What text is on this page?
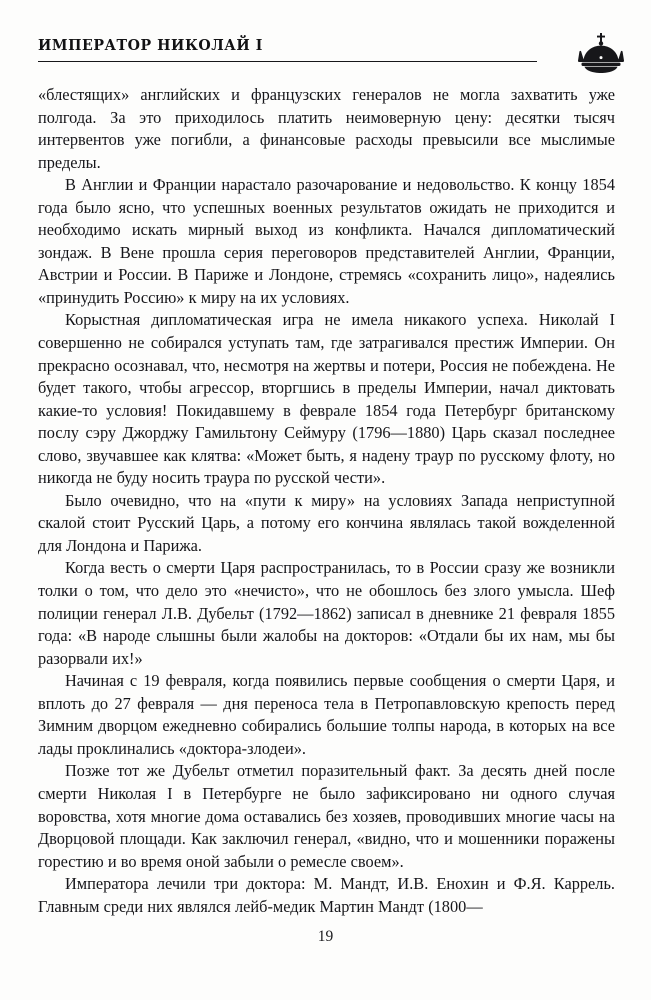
ИМПЕРАТОР НИКОЛАЙ I

«блестящих» английских и французских генералов не могла захватить уже полгода. За это приходилось платить неимоверную цену: десятки тысяч интервентов уже погибли, а финансовые расходы превысили все мыслимые пределы.

В Англии и Франции нарастало разочарование и недовольство. К концу 1854 года было ясно, что успешных военных результатов ожидать не приходится и необходимо искать мирный выход из конфликта. Начался дипломатический зондаж. В Вене прошла серия переговоров представителей Англии, Франции, Австрии и России. В Париже и Лондоне, стремясь «сохранить лицо», надеялись «принудить Россию» к миру на их условиях.

Корыстная дипломатическая игра не имела никакого успеха. Николай I совершенно не собирался уступать там, где затрагивался престиж Империи. Он прекрасно осознавал, что, несмотря на жертвы и потери, Россия не побеждена. Не будет такого, чтобы агрессор, вторгшись в пределы Империи, начал диктовать какие-то условия! Покидавшему в феврале 1854 года Петербург британскому послу сэру Джорджу Гамильтону Сеймуру (1796—1880) Царь сказал последнее слово, звучавшее как клятва: «Может быть, я надену траур по русскому флоту, но никогда не буду носить траура по русской чести».

Было очевидно, что на «пути к миру» на условиях Запада неприступной скалой стоит Русский Царь, а потому его кончина являлась такой вожделенной для Лондона и Парижа.

Когда весть о смерти Царя распространилась, то в России сразу же возникли толки о том, что дело это «нечисто», что не обошлось без злого умысла. Шеф полиции генерал Л.В. Дубельт (1792—1862) записал в дневнике 21 февраля 1855 года: «В народе слышны были жалобы на докторов: «Отдали бы их нам, мы бы разорвали их!»

Начиная с 19 февраля, когда появились первые сообщения о смерти Царя, и вплоть до 27 февраля — дня переноса тела в Петропавловскую крепость перед Зимним дворцом ежедневно собирались большие толпы народа, в которых на все лады проклинались «доктора-злодеи».

Позже тот же Дубельт отметил поразительный факт. За десять дней после смерти Николая I в Петербурге не было зафиксировано ни одного случая воровства, хотя многие дома оставались без хозяев, проводивших многие часы на Дворцовой площади. Как заключил генерал, «видно, что и мошенники поражены горестию и во время оной забыли о ремесле своем».

Императора лечили три доктора: М. Мандт, И.В. Енохин и Ф.Я. Каррель. Главным среди них являлся лейб-медик Мартин Мандт (1800—

19
